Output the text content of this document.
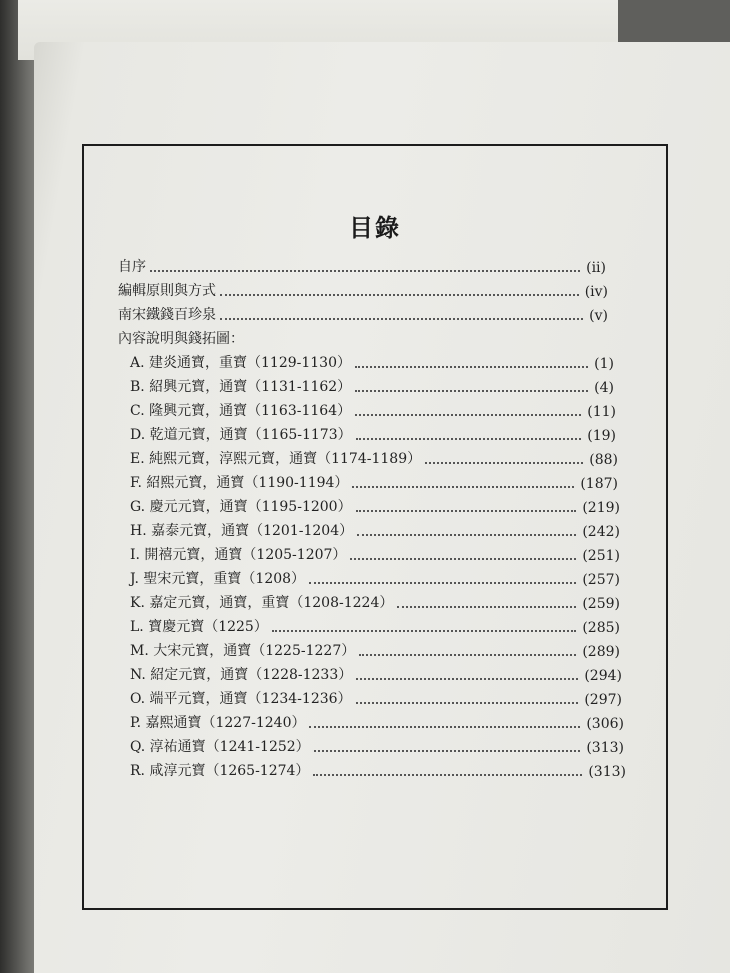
目錄
自序	(ii)
編輯原則與方式	(iv)
南宋鐵錢百珍泉	(v)
內容說明與錢拓圖：
A. 建炎通寶，重寶（1129-1130）	(1)
B. 紹興元寶，通寶（1131-1162）	(4)
C. 隆興元寶，通寶（1163-1164）	(11)
D. 乾道元寶，通寶（1165-1173）	(19)
E. 純熙元寶，淳熙元寶，通寶（1174-1189）	(88)
F. 紹熙元寶，通寶（1190-1194）	(187)
G. 慶元元寶，通寶（1195-1200）	(219)
H. 嘉泰元寶，通寶（1201-1204）	(242)
I. 開禧元寶，通寶（1205-1207）	(251)
J. 聖宋元寶，重寶（1208）	(257)
K. 嘉定元寶，通寶，重寶（1208-1224）	(259)
L. 寶慶元寶（1225）	(285)
M. 大宋元寶，通寶（1225-1227）	(289)
N. 紹定元寶，通寶（1228-1233）	(294)
O. 端平元寶，通寶（1234-1236）	(297)
P. 嘉熙通寶（1227-1240）	(306)
Q. 淳祐通寶（1241-1252）	(313)
R. 咸淳元寶（1265-1274）	(313)
